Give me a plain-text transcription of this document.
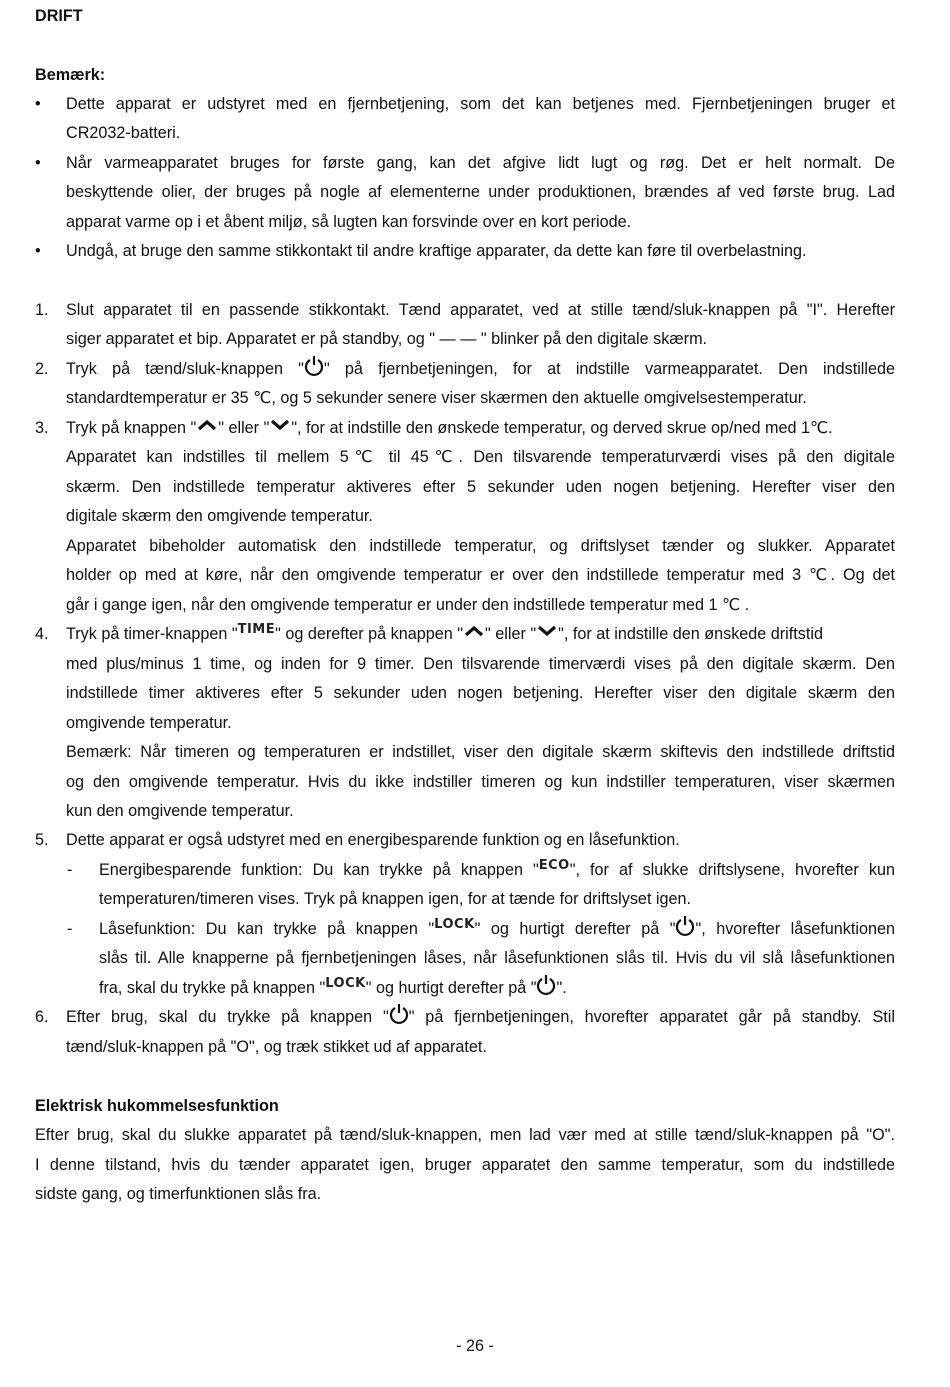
DRIFT
Bemærk:
• Dette apparat er udstyret med en fjernbetjening, som det kan betjenes med. Fjernbetjeningen bruger et
CR2032-batteri.
• Når varmeapparatet bruges for første gang, kan det afgive lidt lugt og røg. Det er helt normalt. De
beskyttende olier, der bruges på nogle af elementerne under produktionen, brændes af ved første brug. Lad
apparat varme op i et åbent miljø, så lugten kan forsvinde over en kort periode.
• Undgå, at bruge den samme stikkontakt til andre kraftige apparater, da dette kan føre til overbelastning.
1. Slut apparatet til en passende stikkontakt. Tænd apparatet, ved at stille tænd/sluk-knappen på "I". Herefter
siger apparatet et bip. Apparatet er på standby, og " — — " blinker på den digitale skærm.
2. Tryk på tænd/sluk-knappen " " på fjernbetjeningen, for at indstille varmeapparatet. Den indstillede
standardtemperatur er 35 ℃, og 5 sekunder senere viser skærmen den aktuelle omgivelsestemperatur.
3. Tryk på knappen " " eller " ", for at indstille den ønskede temperatur, og derved skrue op/ned med 1℃.
Apparatet kan indstilles til mellem 5℃ til 45℃. Den tilsvarende temperaturværdi vises på den digitale
skærm. Den indstillede temperatur aktiveres efter 5 sekunder uden nogen betjening. Herefter viser den
digitale skærm den omgivende temperatur.
Apparatet bibeholder automatisk den indstillede temperatur, og driftslyset tænder og slukker. Apparatet
holder op med at køre, når den omgivende temperatur er over den indstillede temperatur med 3 ℃. Og det
går i gange igen, når den omgivende temperatur er under den indstillede temperatur med 1 ℃ .
4. Tryk på timer-knappen "TIME" og derefter på knappen " " eller " ", for at indstille den ønskede driftstid
med plus/minus 1 time, og inden for 9 timer. Den tilsvarende timerværdi vises på den digitale skærm. Den
indstillede timer aktiveres efter 5 sekunder uden nogen betjening. Herefter viser den digitale skærm den
omgivende temperatur.
Bemærk: Når timeren og temperaturen er indstillet, viser den digitale skærm skiftevis den indstillede driftstid
og den omgivende temperatur. Hvis du ikke indstiller timeren og kun indstiller temperaturen, viser skærmen
kun den omgivende temperatur.
5. Dette apparat er også udstyret med en energibesparende funktion og en låsefunktion.
- Energibesparende funktion: Du kan trykke på knappen "ECO", for af slukke driftslysene, hvorefter kun
temperaturen/timeren vises. Tryk på knappen igen, for at tænde for driftslyset igen.
- Låsefunktion: Du kan trykke på knappen "LOCK" og hurtigt derefter på " ", hvorefter låsefunktionen
slås til. Alle knapperne på fjernbetjeningen låses, når låsefunktionen slås til. Hvis du vil slå låsefunktionen
fra, skal du trykke på knappen "LOCK" og hurtigt derefter på " ".
6. Efter brug, skal du trykke på knappen " " på fjernbetjeningen, hvorefter apparatet går på standby. Stil
tænd/sluk-knappen på "O", og træk stikket ud af apparatet.
Elektrisk hukommelsesfunktion
Efter brug, skal du slukke apparatet på tænd/sluk-knappen, men lad vær med at stille tænd/sluk-knappen på "O".
I denne tilstand, hvis du tænder apparatet igen, bruger apparatet den samme temperatur, som du indstillede
sidste gang, og timerfunktionen slås fra.
- 26 -
